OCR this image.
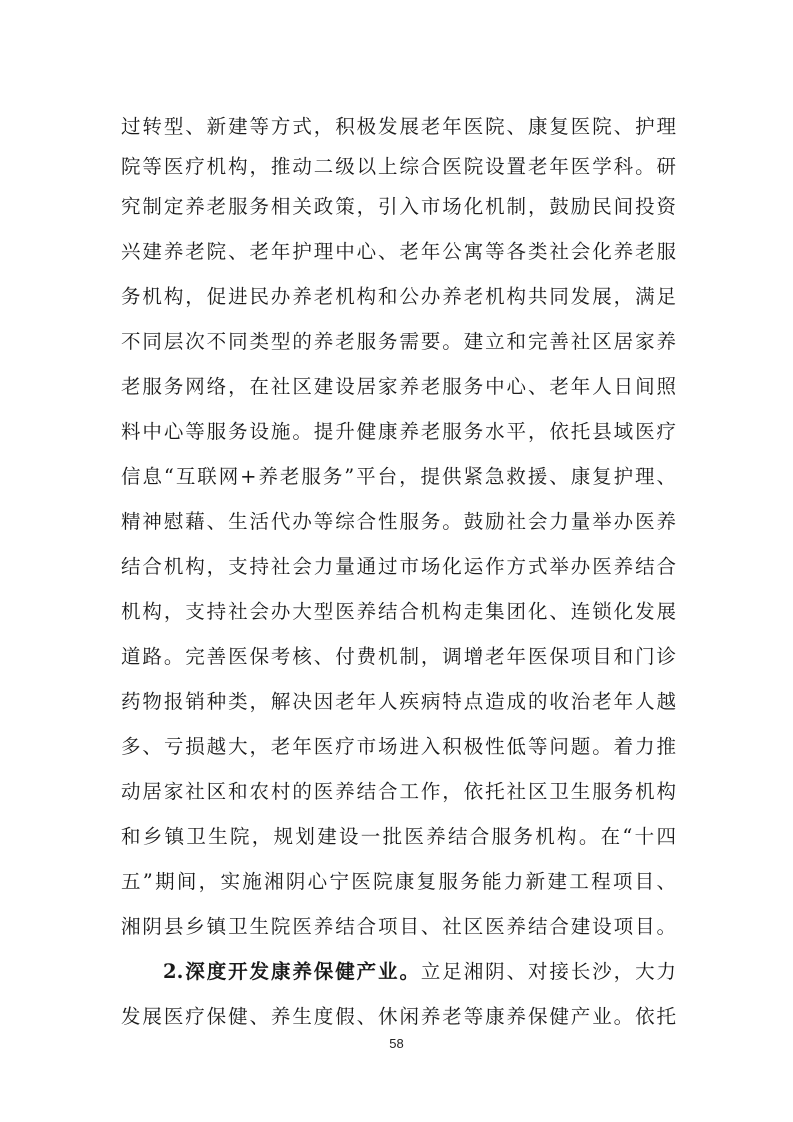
过转型、新建等方式，积极发展老年医院、康复医院、护理
院等医疗机构，推动二级以上综合医院设置老年医学科。研
究制定养老服务相关政策，引入市场化机制，鼓励民间投资
兴建养老院、老年护理中心、老年公寓等各类社会化养老服
务机构，促进民办养老机构和公办养老机构共同发展，满足
不同层次不同类型的养老服务需要。建立和完善社区居家养
老服务网络，在社区建设居家养老服务中心、老年人日间照
料中心等服务设施。提升健康养老服务水平，依托县域医疗
信息“互联网+养老服务”平台，提供紧急救援、康复护理、
精神慰藉、生活代办等综合性服务。鼓励社会力量举办医养
结合机构，支持社会力量通过市场化运作方式举办医养结合
机构，支持社会办大型医养结合机构走集团化、连锁化发展
道路。完善医保考核、付费机制，调增老年医保项目和门诊
药物报销种类，解决因老年人疾病特点造成的收治老年人越
多、亏损越大，老年医疗市场进入积极性低等问题。着力推
动居家社区和农村的医养结合工作，依托社区卫生服务机构
和乡镇卫生院，规划建设一批医养结合服务机构。在“十四
五”期间，实施湘阴心宁医院康复服务能力新建工程项目、
湘阴县乡镇卫生院医养结合项目、社区医养结合建设项目。
2.深度开发康养保健产业。立足湘阴、对接长沙，大力
发展医疗保健、养生度假、休闲养老等康养保健产业。依托
58
